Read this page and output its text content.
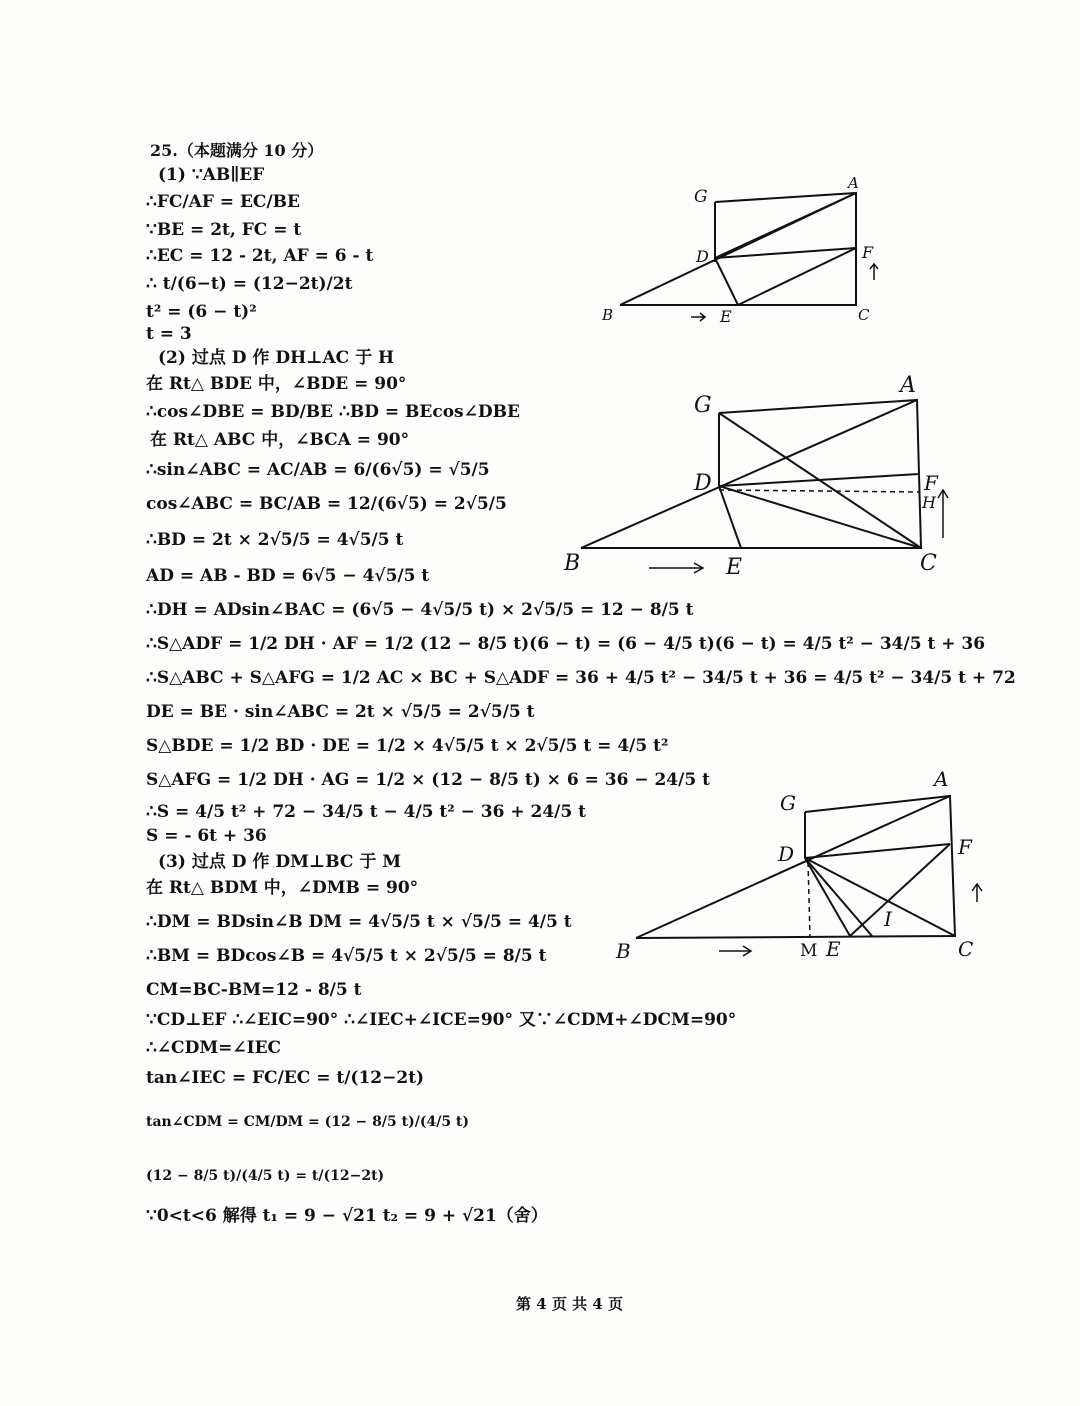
25.（本题满分 10 分）
(1) ∵AB∥EF
∴FC/AF = EC/BE
∵BE = 2t, FC = t
∴EC = 12 - 2t, AF = 6 - t
∴ t/(6−t) = (12−2t)/2t
t² = (6 − t)²
t = 3
(2) 过点 D 作 DH⊥AC 于 H
在 Rt△ BDE 中，∠BDE = 90°
∴cos∠DBE = BD/BE ∴BD = BEcos∠DBE
在 Rt△ ABC 中，∠BCA = 90°
∴sin∠ABC = AC/AB = 6/(6√5) = √5/5
cos∠ABC = BC/AB = 12/(6√5) = 2√5/5
∴BD = 2t × 2√5/5 = 4√5/5 t
AD = AB - BD = 6√5 − 4√5/5 t
∴DH = ADsin∠BAC = (6√5 − 4√5/5 t) × 2√5/5 = 12 − 8/5 t
∴S△ADF = 1/2 DH · AF = 1/2 (12 − 8/5 t)(6 − t) = (6 − 4/5 t)(6 − t) = 4/5 t² − 34/5 t + 36
∴S△ABC + S△AFG = 1/2 AC × BC + S△ADF = 36 + 4/5 t² − 34/5 t + 36 = 4/5 t² − 34/5 t + 72
DE = BE · sin∠ABC = 2t × √5/5 = 2√5/5 t
S△BDE = 1/2 BD · DE = 1/2 × 4√5/5 t × 2√5/5 t = 4/5 t²
S△AFG = 1/2 DH · AG = 1/2 × (12 − 8/5 t) × 6 = 36 − 24/5 t
∴S = 4/5 t² + 72 − 34/5 t − 4/5 t² − 36 + 24/5 t
S = - 6t + 36
(3) 过点 D 作 DM⊥BC 于 M
在 Rt△ BDM 中，∠DMB = 90°
∴DM = BDsin∠B DM = 4√5/5 t × √5/5 = 4/5 t
∴BM = BDcos∠B = 4√5/5 t × 2√5/5 = 8/5 t
CM=BC-BM=12 - 8/5 t
∵CD⊥EF ∴∠EIC=90° ∴∠IEC+∠ICE=90° 又∵∠CDM+∠DCM=90°
∴∠CDM=∠IEC
tan∠IEC = FC/EC = t/(12−2t)
tan∠CDM = CM/DM = (12 − 8/5 t)/(4/5 t)
(12 − 8/5 t)/(4/5 t) = t/(12−2t)
∵0<t<6 解得 t₁ = 9 − √21 t₂ = 9 + √21（舍）
G
A
D	F
B	E	C
G
A
D	F
H
B	E	C
G
A
D	F
I
B	M E	C
第 4 页 共 4 页
